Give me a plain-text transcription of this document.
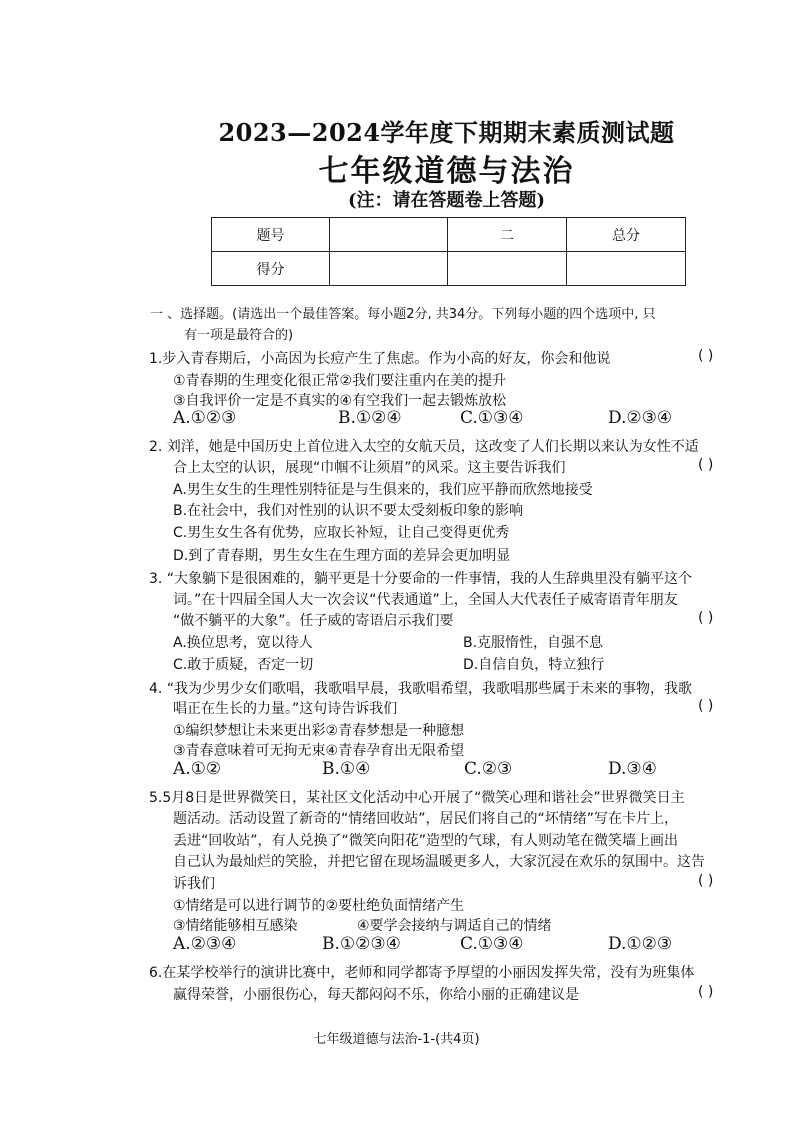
2023—2024学年度下期期末素质测试题
七年级道德与法治
(注：请在答题卷上答题)
题号		二	总分
得分			
一 、选择题。(请选出一个最佳答案。每小题2分, 共34分。下列每小题的四个选项中, 只
有一项是最符合的)
1.步入青春期后，小高因为长痘产生了焦虑。作为小高的好友，你会和他说	( )
①青春期的生理变化很正常②我们要注重内在美的提升
③自我评价一定是不真实的④有空我们一起去锻炼放松
A.①②③	B.①②④	C.①③④	D.②③④
2. 刘洋，她是中国历史上首位进入太空的女航天员，这改变了人们长期以来认为女性不适
合上太空的认识，展现“巾帼不让须眉”的风采。这主要告诉我们	( )
A.男生女生的生理性别特征是与生俱来的，我们应平静而欣然地接受
B.在社会中，我们对性别的认识不要太受刻板印象的影响
C.男生女生各有优势，应取长补短，让自己变得更优秀
D.到了青春期，男生女生在生理方面的差异会更加明显
3. “大象躺下是很困难的，躺平更是十分要命的一件事情，我的人生辞典里没有躺平这个
词。”在十四届全国人大一次会议“代表通道”上，全国人大代表任子威寄语青年朋友
“做不躺平的大象”。任子威的寄语启示我们要	( )
A.换位思考，宽以待人	B.克服惰性，自强不息
C.敢于质疑，否定一切	D.自信自负，特立独行
4. “我为少男少女们歌唱，我歌唱早晨，我歌唱希望，我歌唱那些属于未来的事物，我歌
唱正在生长的力量。”这句诗告诉我们	( )
①编织梦想让未来更出彩②青春梦想是一种臆想
③青春意味着可无拘无束④青春孕育出无限希望
A.①②	B.①④	C.②③	D.③④
5.5月8日是世界微笑日，某社区文化活动中心开展了“微笑心理和谐社会”世界微笑日主
题活动。活动设置了新奇的“情绪回收站”，居民们将自己的“坏情绪”写在卡片上，
丢进“回收站”，有人兑换了“微笑向阳花”造型的气球，有人则动笔在微笑墙上画出
自己认为最灿烂的笑脸，并把它留在现场温暖更多人，大家沉浸在欢乐的氛围中。这告
诉我们	( )
①情绪是可以进行调节的②要杜绝负面情绪产生
③情绪能够相互感染	④要学会接纳与调适自己的情绪
A.②③④	B.①②③④	C.①③④	D.①②③
6.在某学校举行的演讲比赛中，老师和同学都寄予厚望的小丽因发挥失常，没有为班集体
赢得荣誉，小丽很伤心，每天都闷闷不乐，你给小丽的正确建议是	( )
七年级道德与法治-1-(共4页)
